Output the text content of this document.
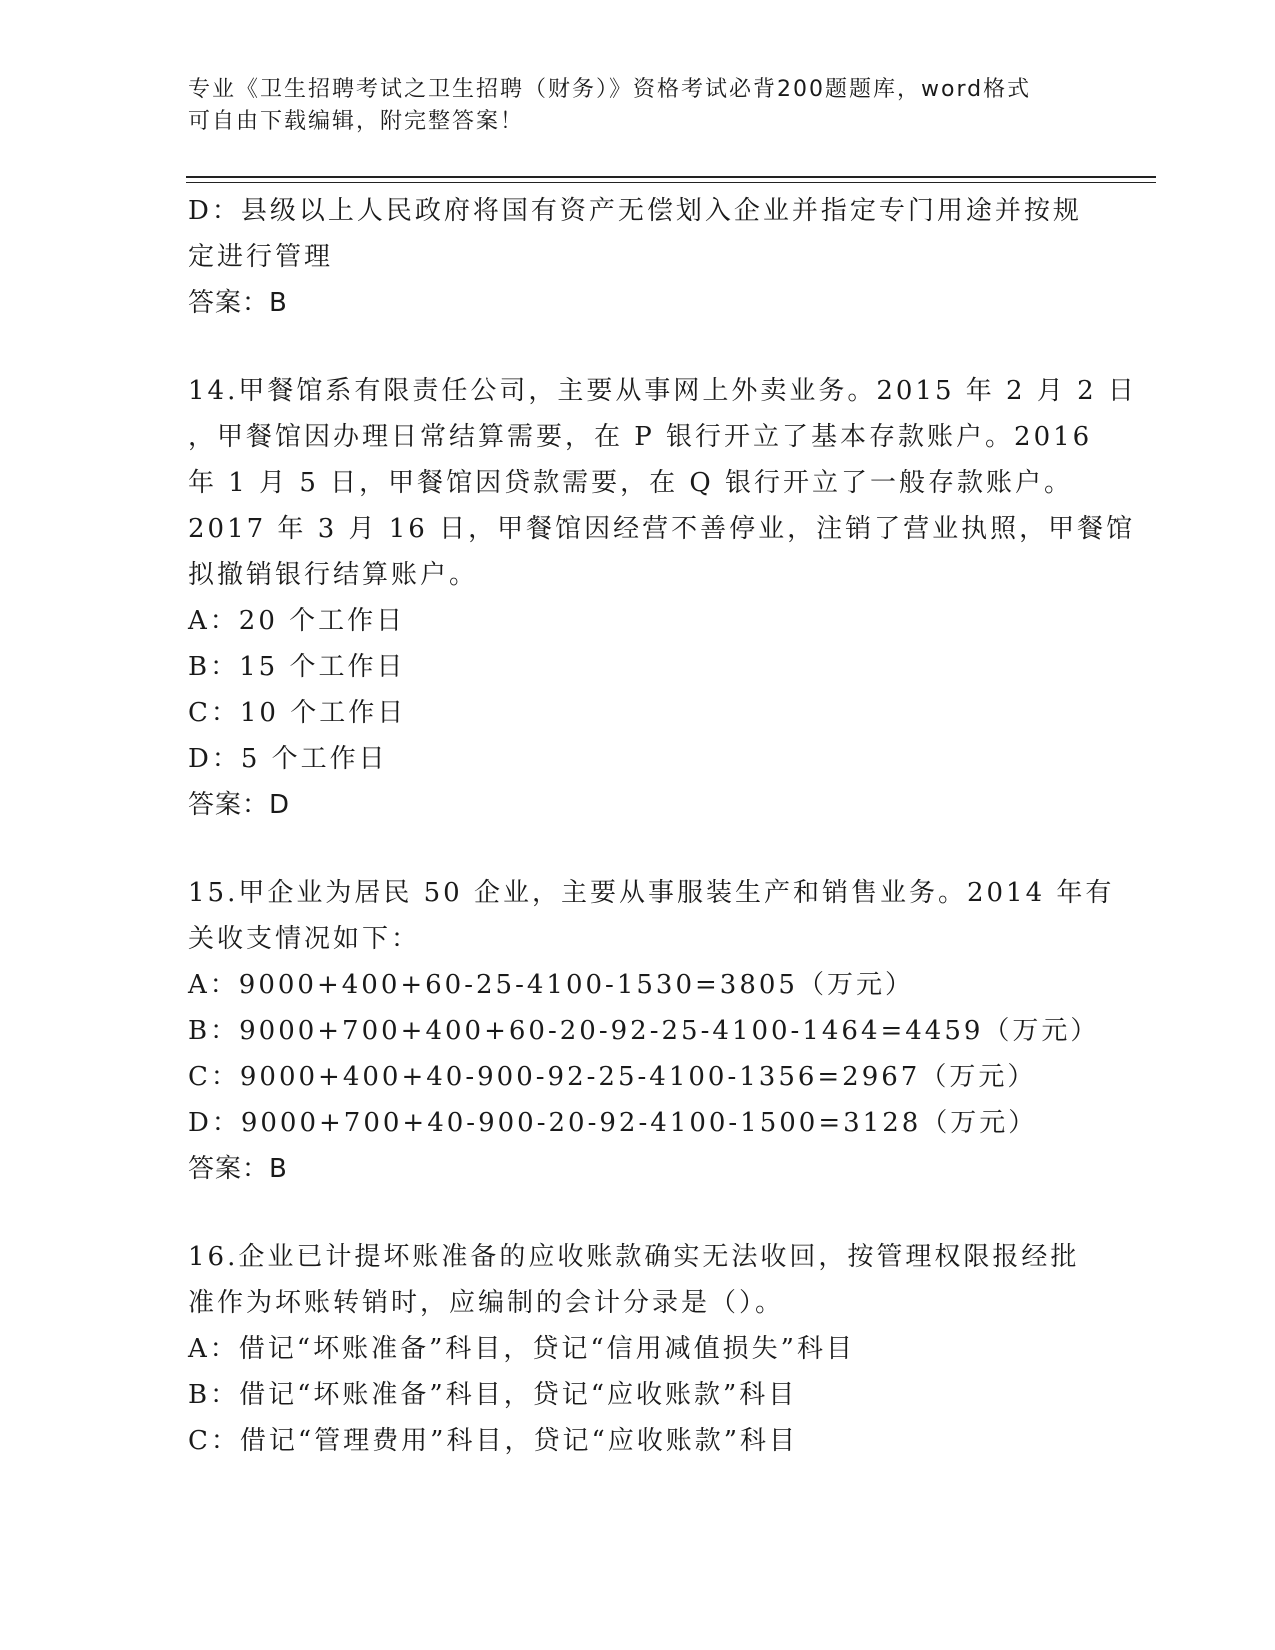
专业《卫生招聘考试之卫生招聘（财务）》资格考试必背200题题库，word格式
可自由下载编辑，附完整答案！
D：县级以上人民政府将国有资产无偿划入企业并指定专门用途并按规
定进行管理
答案：B
14.甲餐馆系有限责任公司，主要从事网上外卖业务。2015 年 2 月 2 日
，甲餐馆因办理日常结算需要，在 P 银行开立了基本存款账户。2016
年 1 月 5 日，甲餐馆因贷款需要，在 Q 银行开立了一般存款账户。
2017 年 3 月 16 日，甲餐馆因经营不善停业，注销了营业执照，甲餐馆
拟撤销银行结算账户。
A：20 个工作日
B：15 个工作日
C：10 个工作日
D：5 个工作日
答案：D
15.甲企业为居民 50 企业，主要从事服装生产和销售业务。2014 年有
关收支情况如下：
A：9000+400+60-25-4100-1530=3805（万元）
B：9000+700+400+60-20-92-25-4100-1464=4459（万元）
C：9000+400+40-900-92-25-4100-1356=2967（万元）
D：9000+700+40-900-20-92-4100-1500=3128（万元）
答案：B
16.企业已计提坏账准备的应收账款确实无法收回，按管理权限报经批
准作为坏账转销时，应编制的会计分录是（）。
A：借记“坏账准备”科目，贷记“信用减值损失”科目
B：借记“坏账准备”科目，贷记“应收账款”科目
C：借记“管理费用”科目，贷记“应收账款”科目
